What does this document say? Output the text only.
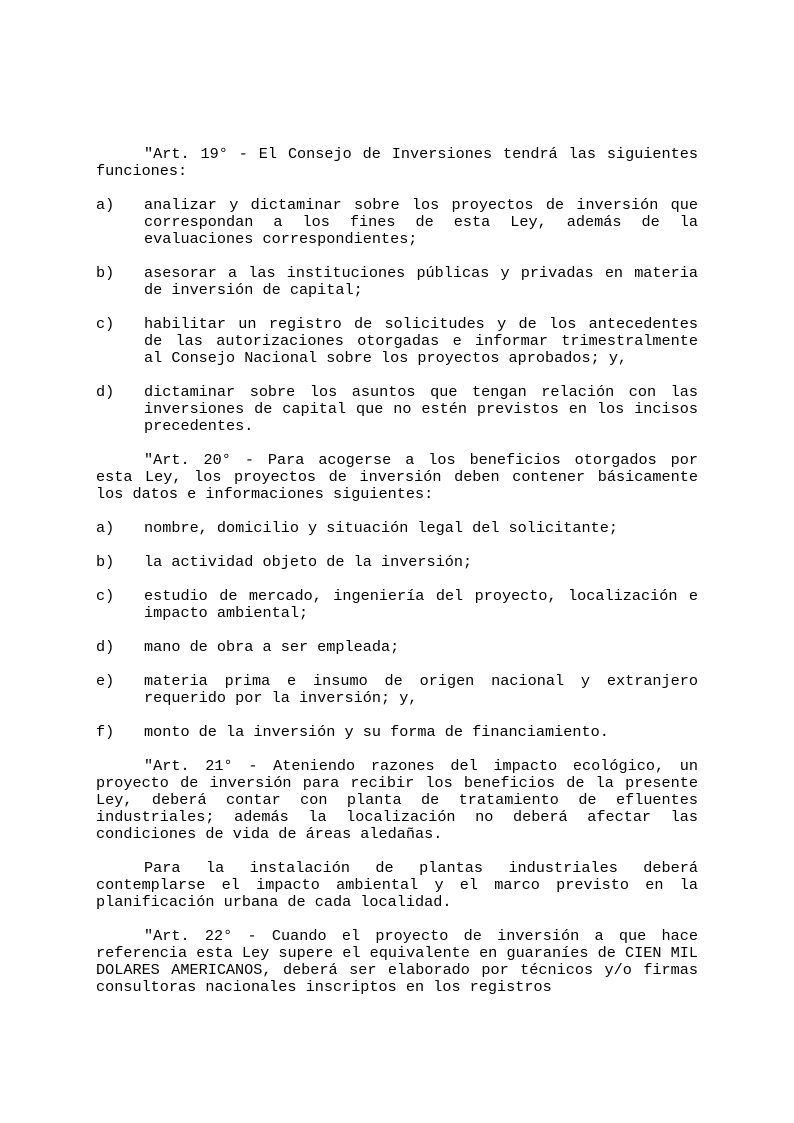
"Art. 19° - El Consejo de Inversiones tendrá las siguientes funciones:

a)	analizar y dictaminar sobre los proyectos de inversión que correspondan a los fines de esta Ley, además de la evaluaciones correspondientes;
b)	asesorar a las instituciones públicas y privadas en materia de inversión de capital;
c)	habilitar un registro de solicitudes y de los antecedentes de las autorizaciones otorgadas e informar trimestralmente al Consejo Nacional sobre los proyectos aprobados; y,
d)	dictaminar sobre los asuntos que tengan relación con las inversiones de capital que no estén previstos en los incisos precedentes.

"Art. 20° - Para acogerse a los beneficios otorgados por esta Ley, los proyectos de inversión deben contener básicamente los datos e informaciones siguientes:

a)	nombre, domicilio y situación legal del solicitante;
b)	la actividad objeto de la inversión;
c)	estudio de mercado, ingeniería del proyecto, localización e impacto ambiental;
d)	mano de obra a ser empleada;
e)	materia prima e insumo de origen nacional y extranjero requerido por la inversión; y,
f)	monto de la inversión y su forma de financiamiento.

"Art. 21° - Ateniendo razones del impacto ecológico, un proyecto de inversión para recibir los beneficios de la presente Ley, deberá contar con planta de tratamiento de efluentes industriales; además la localización no deberá afectar las condiciones de vida de áreas aledañas.

Para la instalación de plantas industriales deberá contemplarse el impacto ambiental y el marco previsto en la planificación urbana de cada localidad.

"Art. 22° - Cuando el proyecto de inversión a que hace referencia esta Ley supere el equivalente en guaraníes de CIEN MIL DOLARES AMERICANOS, deberá ser elaborado por técnicos y/o firmas consultoras nacionales inscriptos en los registros
